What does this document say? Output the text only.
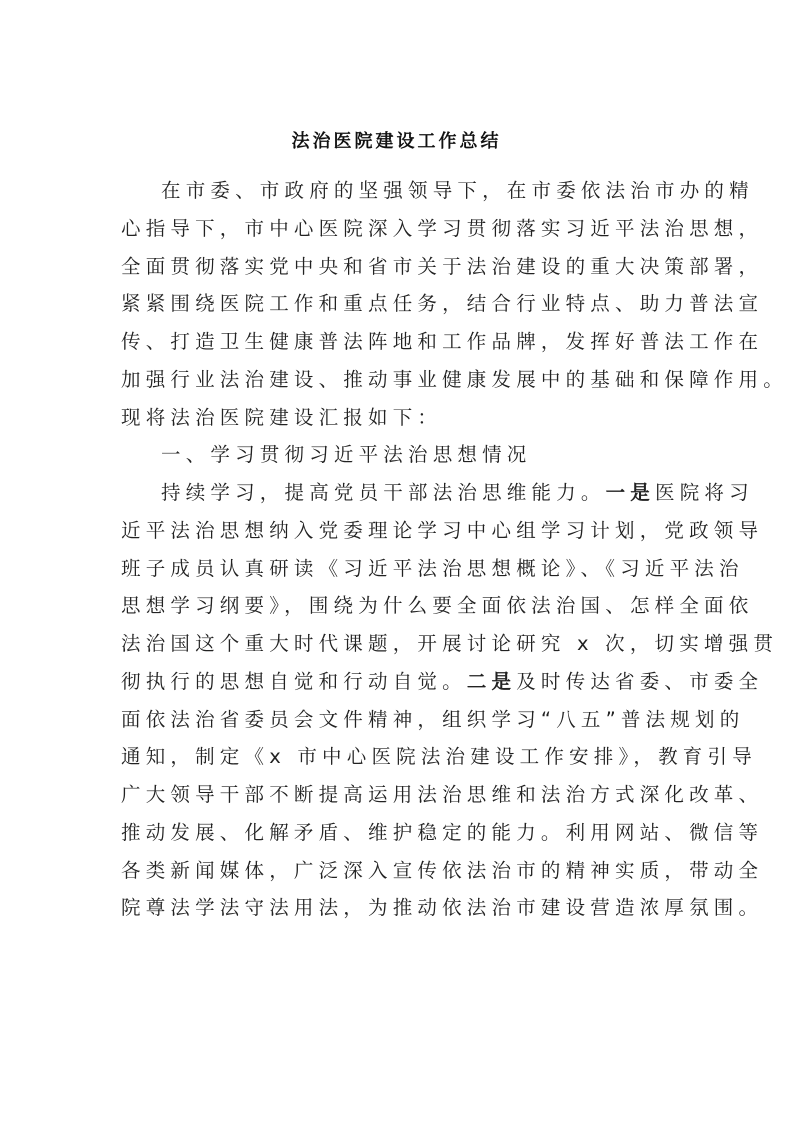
法治医院建设工作总结
在市委、市政府的坚强领导下，在市委依法治市办的精
心指导下，市中心医院深入学习贯彻落实习近平法治思想，
全面贯彻落实党中央和省市关于法治建设的重大决策部署，
紧紧围绕医院工作和重点任务，结合行业特点、助力普法宣
传、打造卫生健康普法阵地和工作品牌，发挥好普法工作在
加强行业法治建设、推动事业健康发展中的基础和保障作用。
现将法治医院建设汇报如下：
一、学习贯彻习近平法治思想情况
持续学习，提高党员干部法治思维能力。一是医院将习
近平法治思想纳入党委理论学习中心组学习计划，党政领导
班子成员认真研读《习近平法治思想概论》、《习近平法治
思想学习纲要》，围绕为什么要全面依法治国、怎样全面依
法治国这个重大时代课题，开展讨论研究 x 次，切实增强贯
彻执行的思想自觉和行动自觉。二是及时传达省委、市委全
面依法治省委员会文件精神，组织学习“八五”普法规划的
通知，制定《x 市中心医院法治建设工作安排》，教育引导
广大领导干部不断提高运用法治思维和法治方式深化改革、
推动发展、化解矛盾、维护稳定的能力。利用网站、微信等
各类新闻媒体，广泛深入宣传依法治市的精神实质，带动全
院尊法学法守法用法，为推动依法治市建设营造浓厚氛围。
